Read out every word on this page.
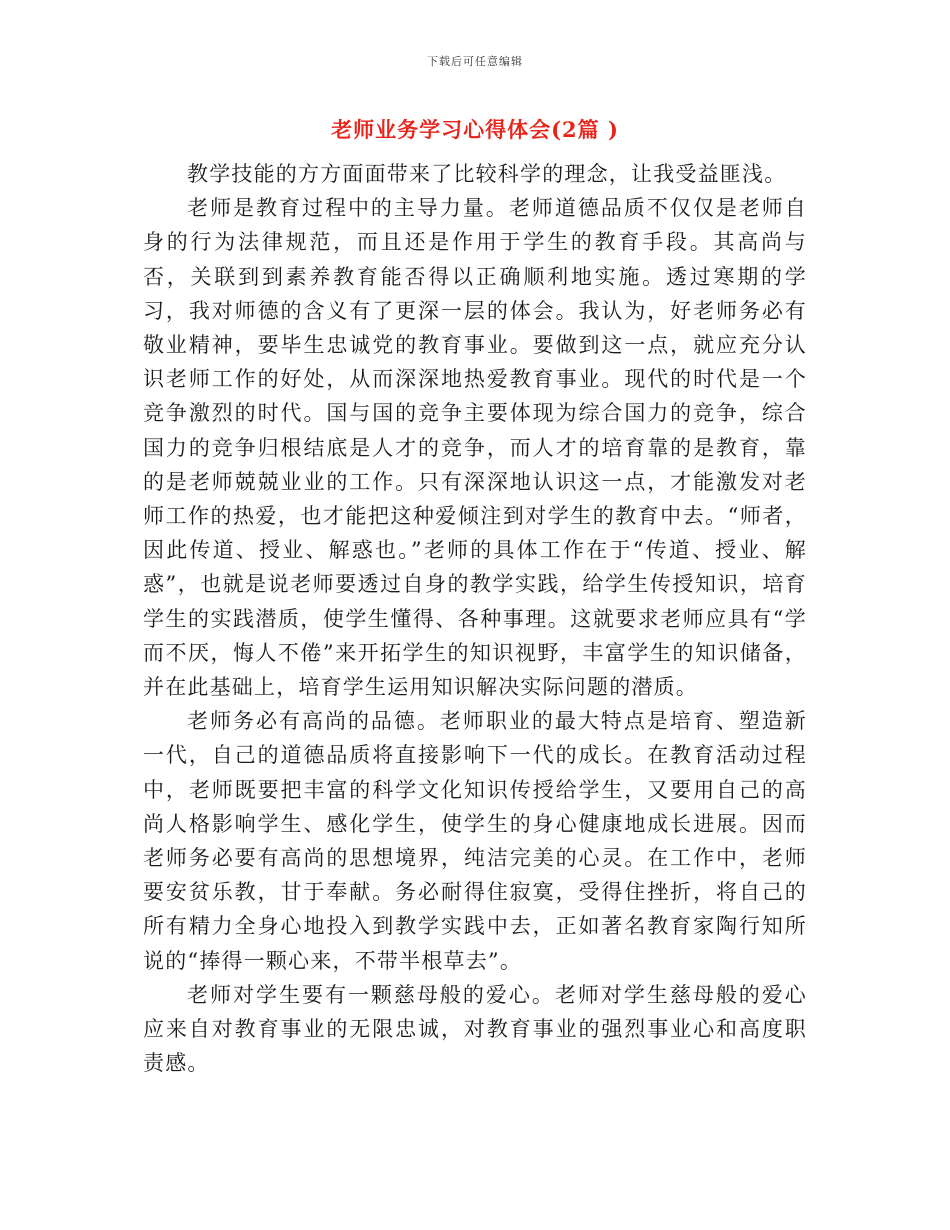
下载后可任意编辑
老师业务学习心得体会(2篇 )

教学技能的方方面面带来了比较科学的理念，让我受益匪浅。

老师是教育过程中的主导力量。老师道德品质不仅仅是老师自身的行为法律规范，而且还是作用于学生的教育手段。其高尚与否，关联到到素养教育能否得以正确顺利地实施。透过寒期的学习，我对师德的含义有了更深一层的体会。我认为，好老师务必有敬业精神，要毕生忠诚党的教育事业。要做到这一点，就应充分认识老师工作的好处，从而深深地热爱教育事业。现代的时代是一个竞争激烈的时代。国与国的竞争主要体现为综合国力的竞争，综合国力的竞争归根结底是人才的竞争，而人才的培育靠的是教育，靠的是老师兢兢业业的工作。只有深深地认识这一点，才能激发对老师工作的热爱，也才能把这种爱倾注到对学生的教育中去。“师者，因此传道、授业、解惑也。”老师的具体工作在于“传道、授业、解惑”，也就是说老师要透过自身的教学实践，给学生传授知识，培育学生的实践潜质，使学生懂得、各种事理。这就要求老师应具有“学而不厌，悔人不倦”来开拓学生的知识视野，丰富学生的知识储备，并在此基础上，培育学生运用知识解决实际问题的潜质。

老师务必有高尚的品德。老师职业的最大特点是培育、塑造新一代，自己的道德品质将直接影响下一代的成长。在教育活动过程中，老师既要把丰富的科学文化知识传授给学生，又要用自己的高尚人格影响学生、感化学生，使学生的身心健康地成长进展。因而老师务必要有高尚的思想境界，纯洁完美的心灵。在工作中，老师要安贫乐教，甘于奉献。务必耐得住寂寞，受得住挫折，将自己的所有精力全身心地投入到教学实践中去，正如著名教育家陶行知所说的“捧得一颗心来，不带半根草去”。

老师对学生要有一颗慈母般的爱心。老师对学生慈母般的爱心应来自对教育事业的无限忠诚，对教育事业的强烈事业心和高度职责感。
